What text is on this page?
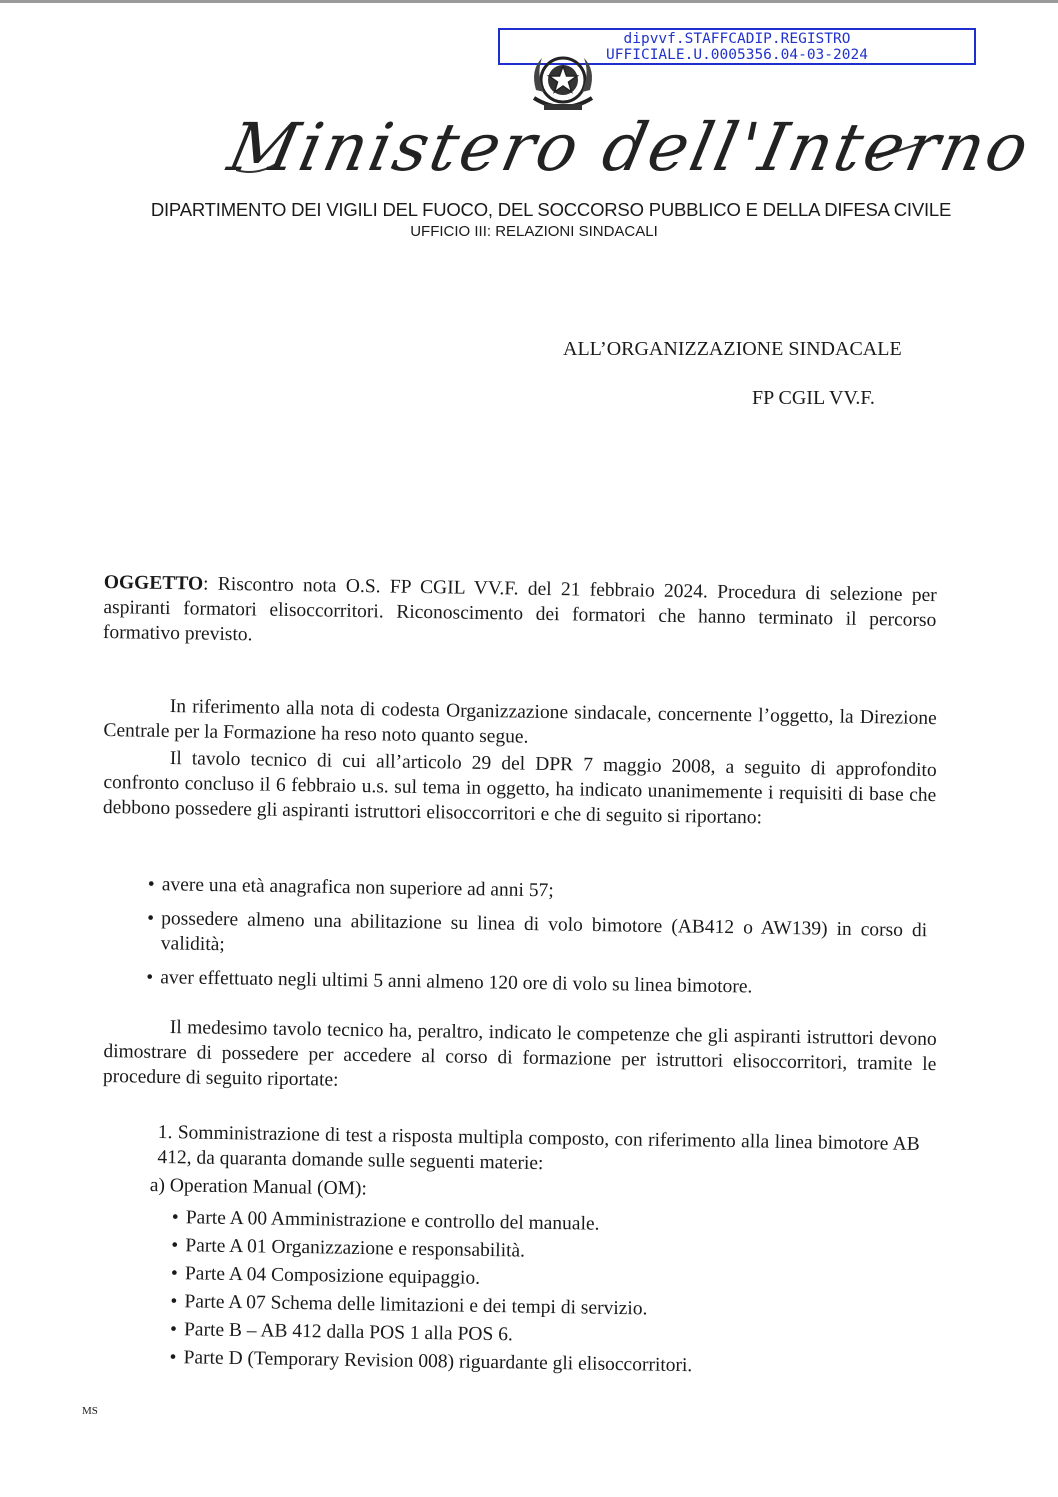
dipvvf.STAFFCADIP.REGISTRO
UFFICIALE.U.0005356.04-03-2024
Ministero dell'Interno
DIPARTIMENTO DEI VIGILI DEL FUOCO, DEL SOCCORSO PUBBLICO E DELLA DIFESA CIVILE
UFFICIO III: RELAZIONI SINDACALI
ALL’ORGANIZZAZIONE SINDACALE
FP CGIL VV.F.
OGGETTO: Riscontro nota O.S. FP CGIL VV.F. del 21 febbraio 2024. Procedura di selezione per aspiranti formatori elisoccorritori. Riconoscimento dei formatori che hanno terminato il percorso formativo previsto.

In riferimento alla nota di codesta Organizzazione sindacale, concernente l’oggetto, la Direzione Centrale per la Formazione ha reso noto quanto segue.

Il tavolo tecnico di cui all’articolo 29 del DPR 7 maggio 2008, a seguito di approfondito confronto concluso il 6 febbraio u.s. sul tema in oggetto, ha indicato unanimemente i requisiti di base che debbono possedere gli aspiranti istruttori elisoccorritori e che di seguito si riportano:

• avere una età anagrafica non superiore ad anni 57;
• possedere almeno una abilitazione su linea di volo bimotore (AB412 o AW139) in corso di validità;
• aver effettuato negli ultimi 5 anni almeno 120 ore di volo su linea bimotore.

Il medesimo tavolo tecnico ha, peraltro, indicato le competenze che gli aspiranti istruttori devono dimostrare di possedere per accedere al corso di formazione per istruttori elisoccorritori, tramite le procedure di seguito riportate:

1. Somministrazione di test a risposta multipla composto, con riferimento alla linea bimotore AB 412, da quaranta domande sulle seguenti materie:

a) Operation Manual (OM):
• Parte A 00 Amministrazione e controllo del manuale.
• Parte A 01 Organizzazione e responsabilità.
• Parte A 04 Composizione equipaggio.
• Parte A 07 Schema delle limitazioni e dei tempi di servizio.
• Parte B – AB 412 dalla POS 1 alla POS 6.
• Parte D (Temporary Revision 008) riguardante gli elisoccorritori.
MS
